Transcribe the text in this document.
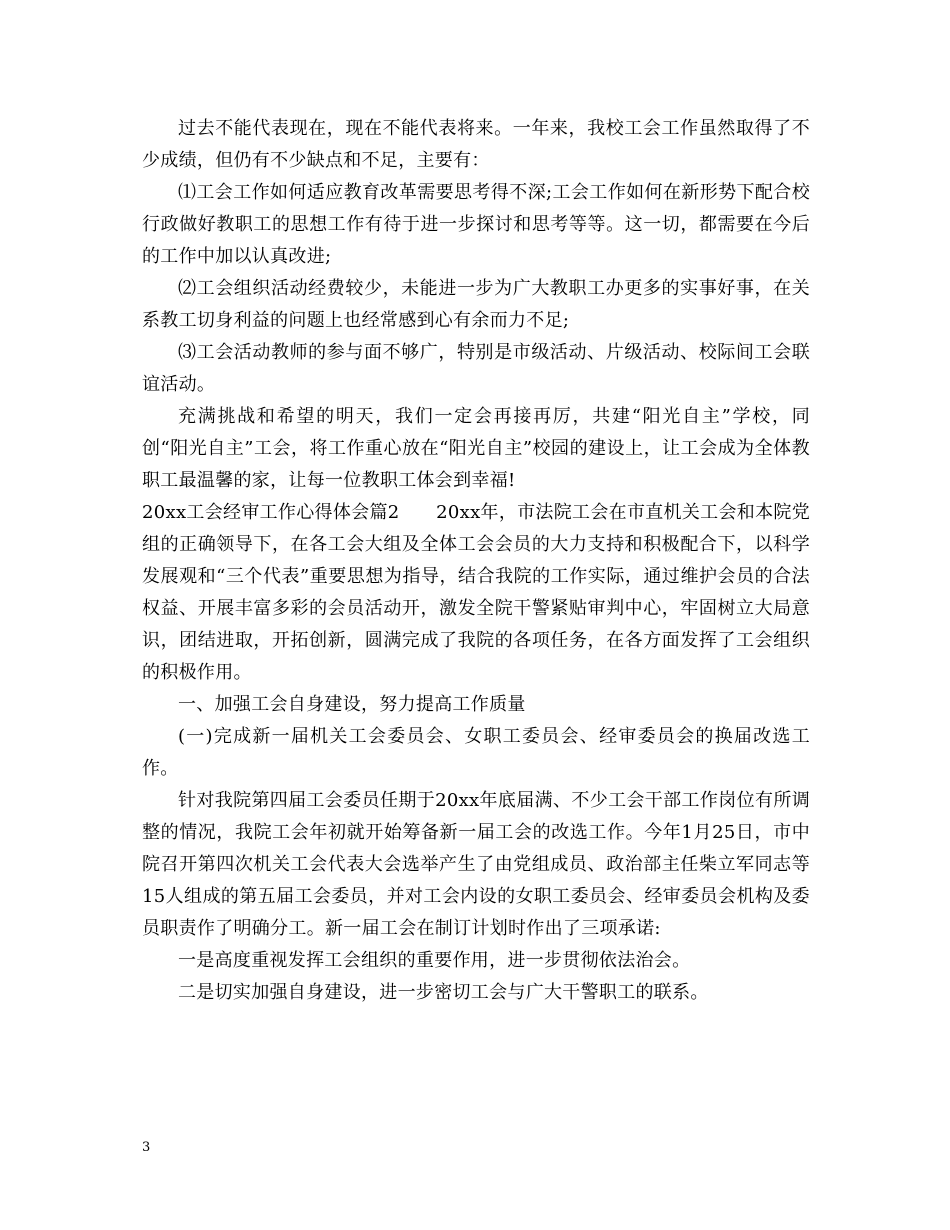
过去不能代表现在，现在不能代表将来。一年来，我校工会工作虽然取得了不少成绩，但仍有不少缺点和不足，主要有：

⑴工会工作如何适应教育改革需要思考得不深;工会工作如何在新形势下配合校行政做好教职工的思想工作有待于进一步探讨和思考等等。这一切，都需要在今后的工作中加以认真改进;

⑵工会组织活动经费较少，未能进一步为广大教职工办更多的实事好事，在关系教工切身利益的问题上也经常感到心有余而力不足;

⑶工会活动教师的参与面不够广，特别是市级活动、片级活动、校际间工会联谊活动。

充满挑战和希望的明天，我们一定会再接再厉，共建“阳光自主”学校，同创“阳光自主”工会，将工作重心放在“阳光自主”校园的建设上，让工会成为全体教职工最温馨的家，让每一位教职工体会到幸福!

20xx工会经审工作心得体会篇2　　20xx年，市法院工会在市直机关工会和本院党组的正确领导下，在各工会大组及全体工会会员的大力支持和积极配合下，以科学发展观和“三个代表”重要思想为指导，结合我院的工作实际，通过维护会员的合法权益、开展丰富多彩的会员活动开，激发全院干警紧贴审判中心，牢固树立大局意识，团结进取，开拓创新，圆满完成了我院的各项任务，在各方面发挥了工会组织的积极作用。

一、加强工会自身建设，努力提高工作质量

(一)完成新一届机关工会委员会、女职工委员会、经审委员会的换届改选工作。

针对我院第四届工会委员任期于20xx年底届满、不少工会干部工作岗位有所调整的情况，我院工会年初就开始筹备新一届工会的改选工作。今年1月25日，市中院召开第四次机关工会代表大会选举产生了由党组成员、政治部主任柴立军同志等15人组成的第五届工会委员，并对工会内设的女职工委员会、经审委员会机构及委员职责作了明确分工。新一届工会在制订计划时作出了三项承诺:

一是高度重视发挥工会组织的重要作用，进一步贯彻依法治会。

二是切实加强自身建设，进一步密切工会与广大干警职工的联系。

3
